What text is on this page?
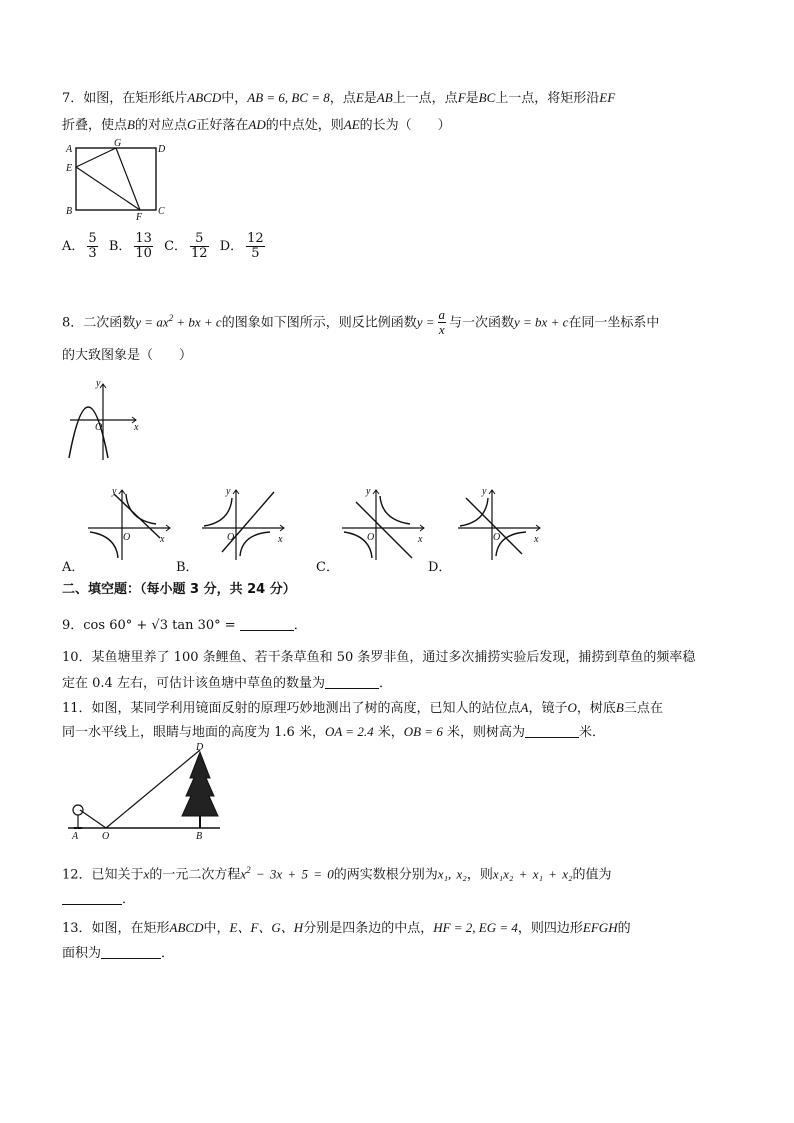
7．如图，在矩形纸片ABCD中，AB = 6, BC = 8，点E是AB上一点，点F是BC上一点，将矩形沿EF
折叠，使点B的对应点G正好落在AD的中点处，则AE的长为（　　）
A
G
D
E
B
F
C
A． $\frac{5}{3}$ B． $\frac{13}{10}$ C． $\frac{5}{12}$ D． $\frac{12}{5}$
8．二次函数$y = ax^2$ + bx + c的图象如下图所示，则反比例函数$y = \frac{a}{x}$ 与一次函数y = bx + c在同一坐标系中
的大致图象是（　　）
y
O	x
y
O	x
y
O	x
y
O	x
y
O	x
A．	B．	C．	D．
二、填空题：（每小题 3 分，共 24 分）
9．cos 60° + √3 tan 30° =	．
10．某鱼塘里养了 100 条鲤鱼、若干条草鱼和 50 条罗非鱼，通过多次捕捞实验后发现，捕捞到草鱼的频率稳
定在 0.4 左右，可估计该鱼塘中草鱼的数量为	．
11．如图，某同学利用镜面反射的原理巧妙地测出了树的高度，已知人的站位点A，镜子O，树底B三点在
同一水平线上，眼睛与地面的高度为 1.6 米，OA = 2.4 米，OB = 6 米，则树高为	米．
A O	B
D
12．已知关于x的一元二次方程$x^2 - 3x + 5 = 0$的两实数根分别为x₁, x₂，则x₁x₂ + x₁ + x₂的值为
．
13．如图，在矩形ABCD中，E、F、G、H分别是四条边的中点，HF = 2, EG = 4，则四边形EFGH的
面积为	．
